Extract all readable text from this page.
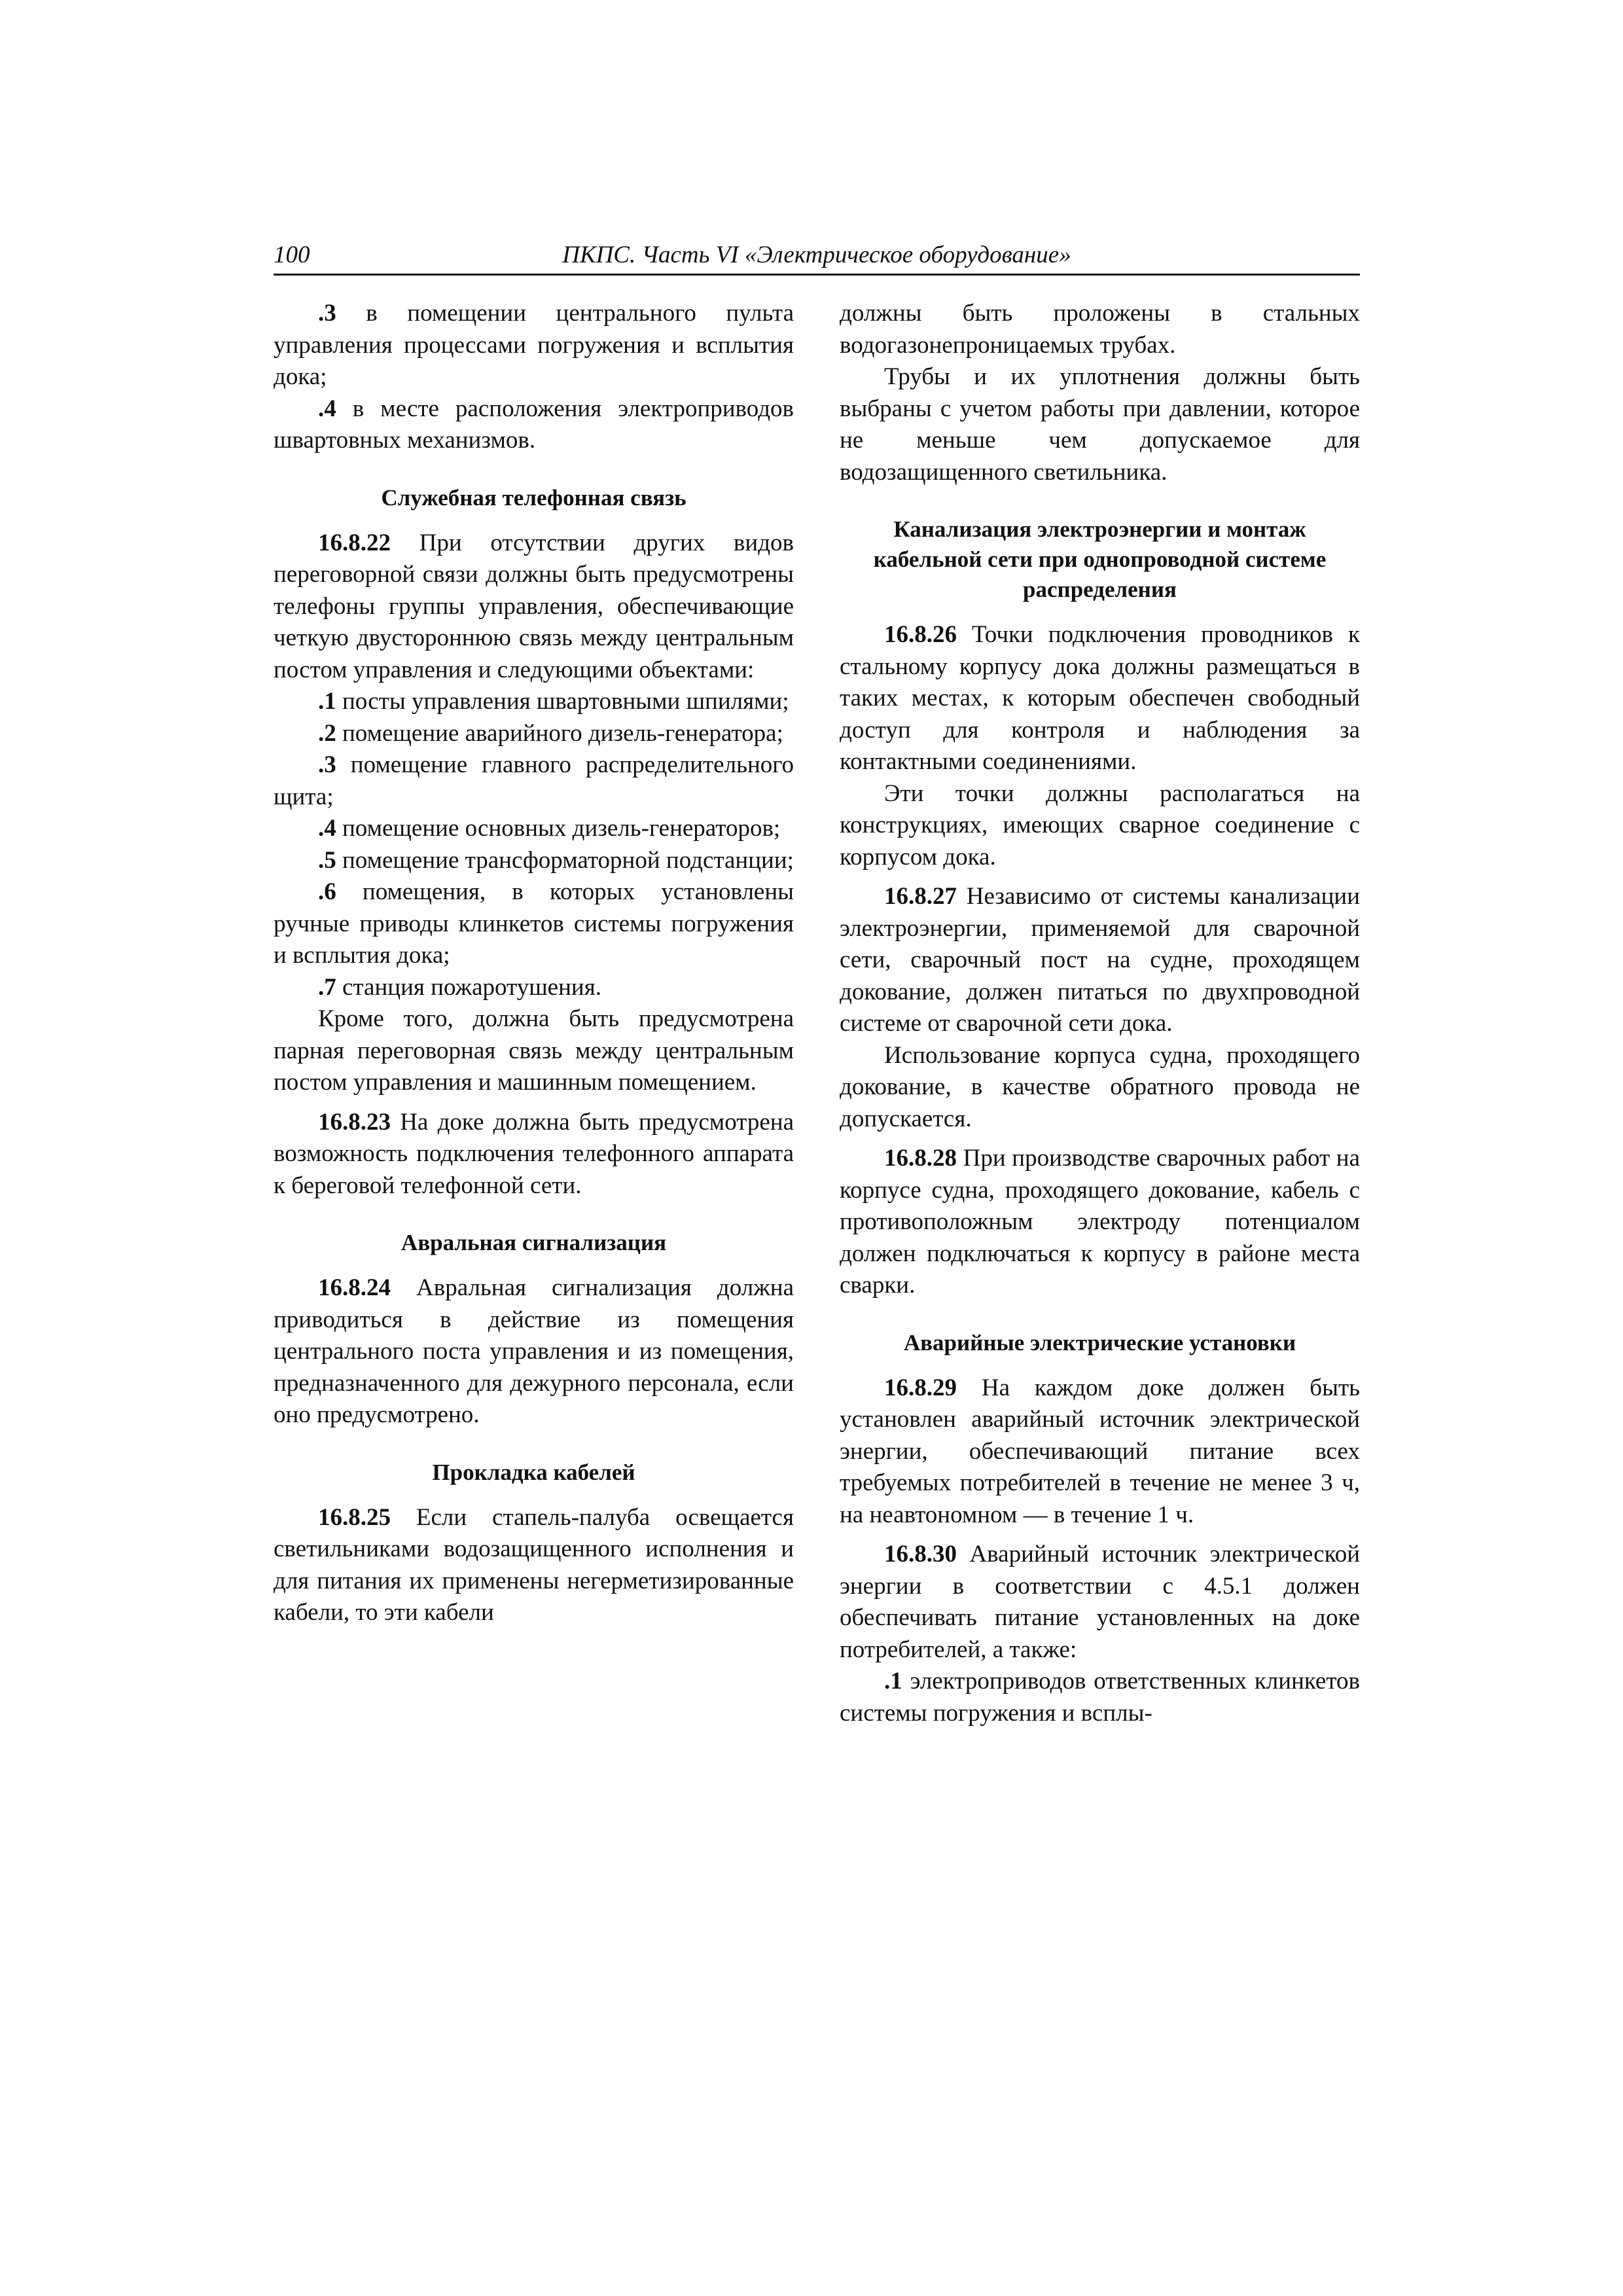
100	ПКПС. Часть VI «Электрическое оборудование»

.3 в помещении центрального пульта управления процессами погружения и всплытия дока;

.4 в месте расположения электроприводов швартовных механизмов.

Служебная телефонная связь

16.8.22 При отсутствии других видов переговорной связи должны быть предусмотрены телефоны группы управления, обеспечивающие четкую двустороннюю связь между центральным постом управления и следующими объектами:

.1 посты управления швартовными шпилями;

.2 помещение аварийного дизель-генератора;

.3 помещение главного распределительного щита;

.4 помещение основных дизель-генераторов;

.5 помещение трансформаторной подстанции;

.6 помещения, в которых установлены ручные приводы клинкетов системы погружения и всплытия дока;

.7 станция пожаротушения.

Кроме того, должна быть предусмотрена парная переговорная связь между центральным постом управления и машинным помещением.

16.8.23 На доке должна быть предусмотрена возможность подключения телефонного аппарата к береговой телефонной сети.

Авральная сигнализация

16.8.24 Авральная сигнализация должна приводиться в действие из помещения центрального поста управления и из помещения, предназначенного для дежурного персонала, если оно предусмотрено.

Прокладка кабелей

16.8.25 Если стапель-палуба освещается светильниками водозащищенного исполнения и для питания их применены негерметизированные кабели, то эти кабели

должны быть проложены в стальных водогазонепроницаемых трубах.

Трубы и их уплотнения должны быть выбраны с учетом работы при давлении, которое не меньше чем допускаемое для водозащищенного светильника.

Канализация электроэнергии и монтаж кабельной сети при однопроводной системе распределения

16.8.26 Точки подключения проводников к стальному корпусу дока должны размещаться в таких местах, к которым обеспечен свободный доступ для контроля и наблюдения за контактными соединениями.

Эти точки должны располагаться на конструкциях, имеющих сварное соединение с корпусом дока.

16.8.27 Независимо от системы канализации электроэнергии, применяемой для сварочной сети, сварочный пост на судне, проходящем докование, должен питаться по двухпроводной системе от сварочной сети дока.

Использование корпуса судна, проходящего докование, в качестве обратного провода не допускается.

16.8.28 При производстве сварочных работ на корпусе судна, проходящего докование, кабель с противоположным электроду потенциалом должен подключаться к корпусу в районе места сварки.

Аварийные электрические установки

16.8.29 На каждом доке должен быть установлен аварийный источник электрической энергии, обеспечивающий питание всех требуемых потребителей в течение не менее 3 ч, на неавтономном — в течение 1 ч.

16.8.30 Аварийный источник электрической энергии в соответствии с 4.5.1 должен обеспечивать питание установленных на доке потребителей, а также:

.1 электроприводов ответственных клинкетов системы погружения и всплы-
